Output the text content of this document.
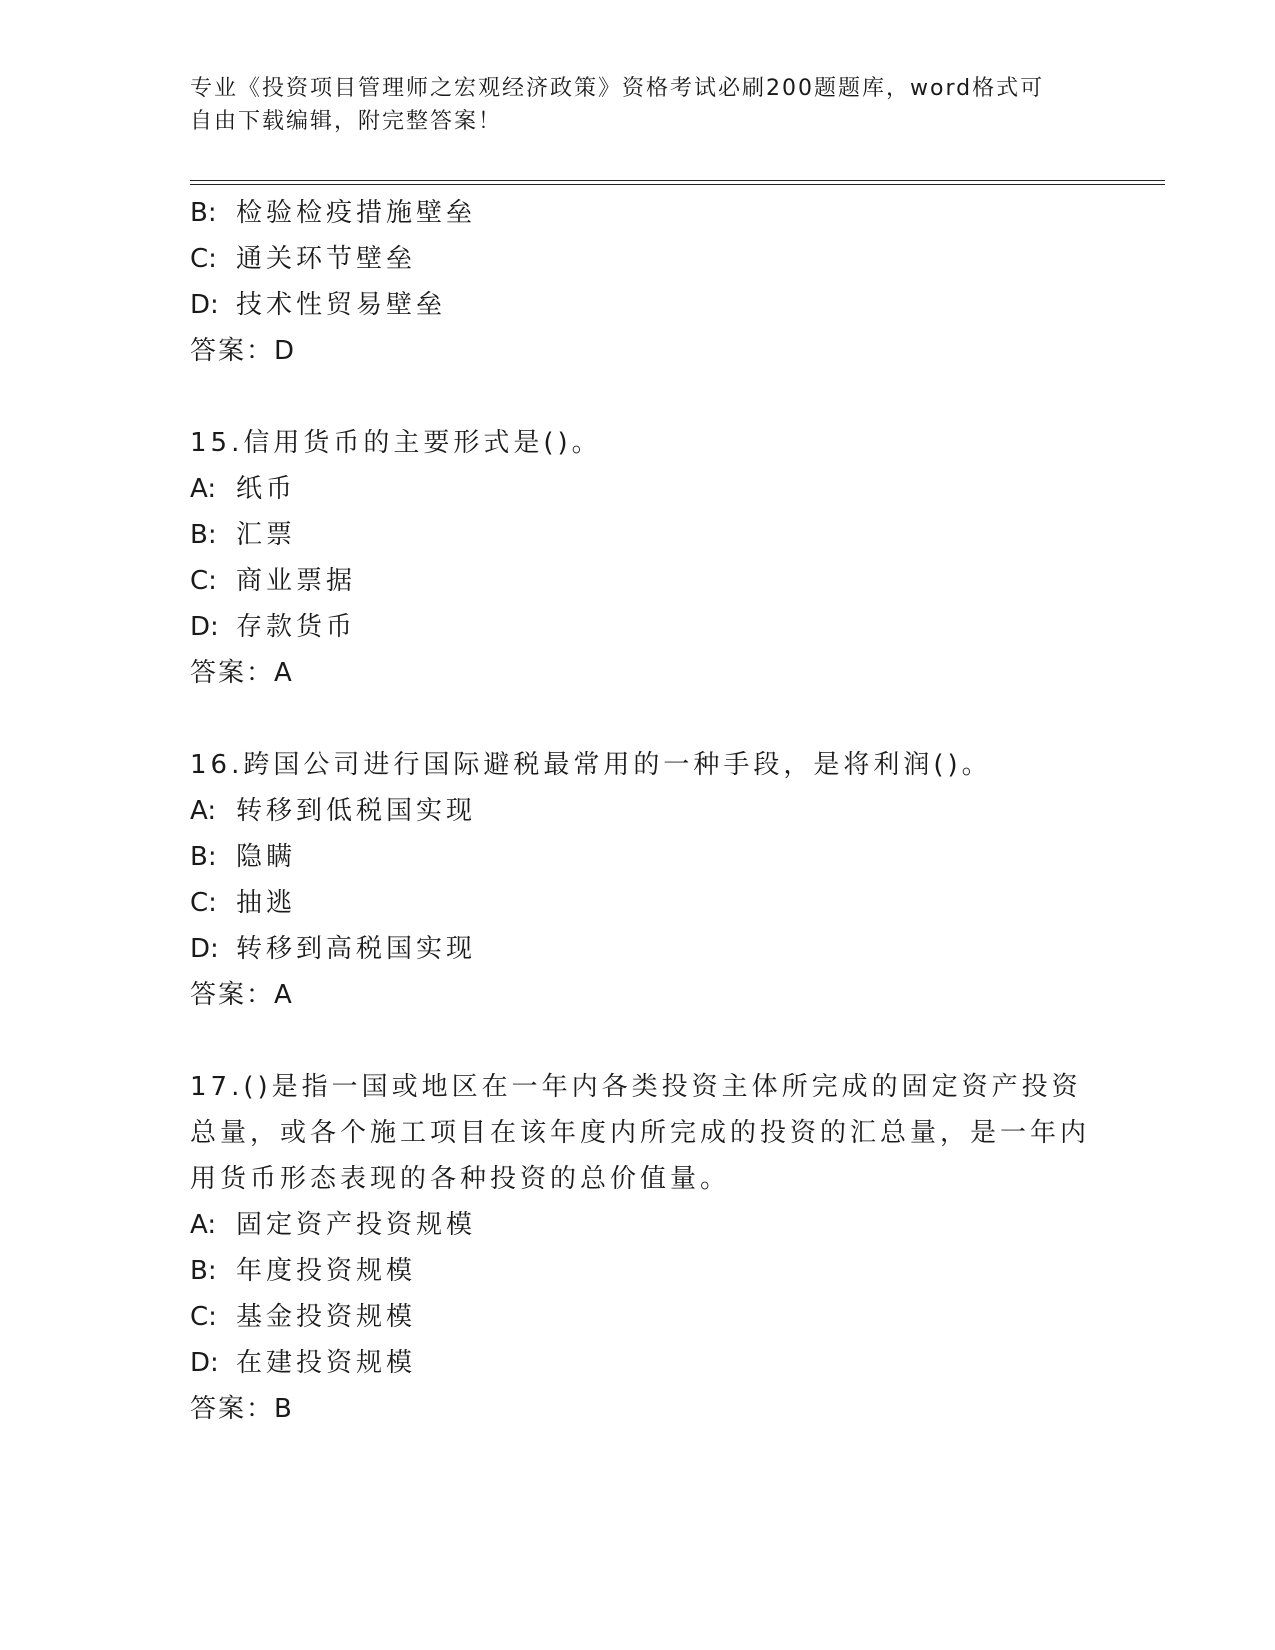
专业《投资项目管理师之宏观经济政策》资格考试必刷200题题库，word格式可
自由下载编辑，附完整答案！
B: 检验检疫措施壁垒
C: 通关环节壁垒
D: 技术性贸易壁垒
答案：D
15.信用货币的主要形式是()。
A: 纸币
B: 汇票
C: 商业票据
D: 存款货币
答案：A
16.跨国公司进行国际避税最常用的一种手段，是将利润()。
A: 转移到低税国实现
B: 隐瞒
C: 抽逃
D: 转移到高税国实现
答案：A
17.()是指一国或地区在一年内各类投资主体所完成的固定资产投资总量，或各个施工项目在该年度内所完成的投资的汇总量，是一年内用货币形态表现的各种投资的总价值量。
A: 固定资产投资规模
B: 年度投资规模
C: 基金投资规模
D: 在建投资规模
答案：B
